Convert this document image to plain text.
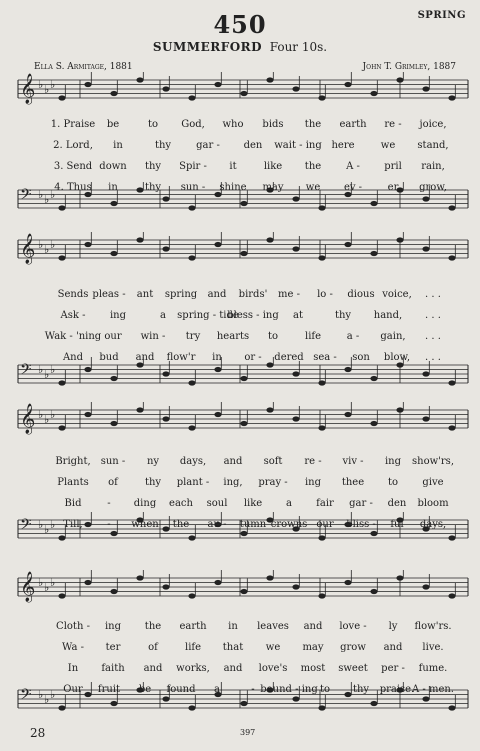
450	SPRING
SUMMERFORD Four 10s.
Ella S. Armitage, 1881	John T. Grimley, 1887
𝄞 ♭ ♭ ♭
𝄢 ♭ ♭ ♭
1. Praise be	to God, who bids the earth re - joice,
2. Lord, in	thy	gar - den wait - ing here	we stand,
3. Send down thy Spir - it	like the A - pril rain,
4. Thus in	thy sun - shine may we ev -	er grow,
𝄞 ♭ ♭ ♭
𝄢 ♭ ♭ ♭
Sends pleas - ant spring and birds' me - lo - dious voice, . . .
Ask - ing	a spring - tide
bless - ing at	thy hand, . . .
Wak - 'ning our win - try hearts to	life	a - gain, . . .
And bud and flow'r in or - dered sea - son blow, . . .
𝄞 ♭ ♭ ♭
𝄢 ♭ ♭ ♭
Bright, sun - ny days, and soft re - viv - ing show'rs,
Plants of	thy plant - ing, pray - ing thee to give
Bid	- ding each soul like a fair gar - den bloom
Till, - when the au - tumn crowns our bliss - ful days,
𝄞 ♭ ♭ ♭
𝄢 ♭ ♭ ♭
Cloth - ing the earth in leaves and love - ly flow'rs.
Wa - ter	of	life that we may grow and live.
In faith and works, and love's most sweet per - fume.
Our fruit be found a	- bound - ing to thy praise.
A - men.
28	397
